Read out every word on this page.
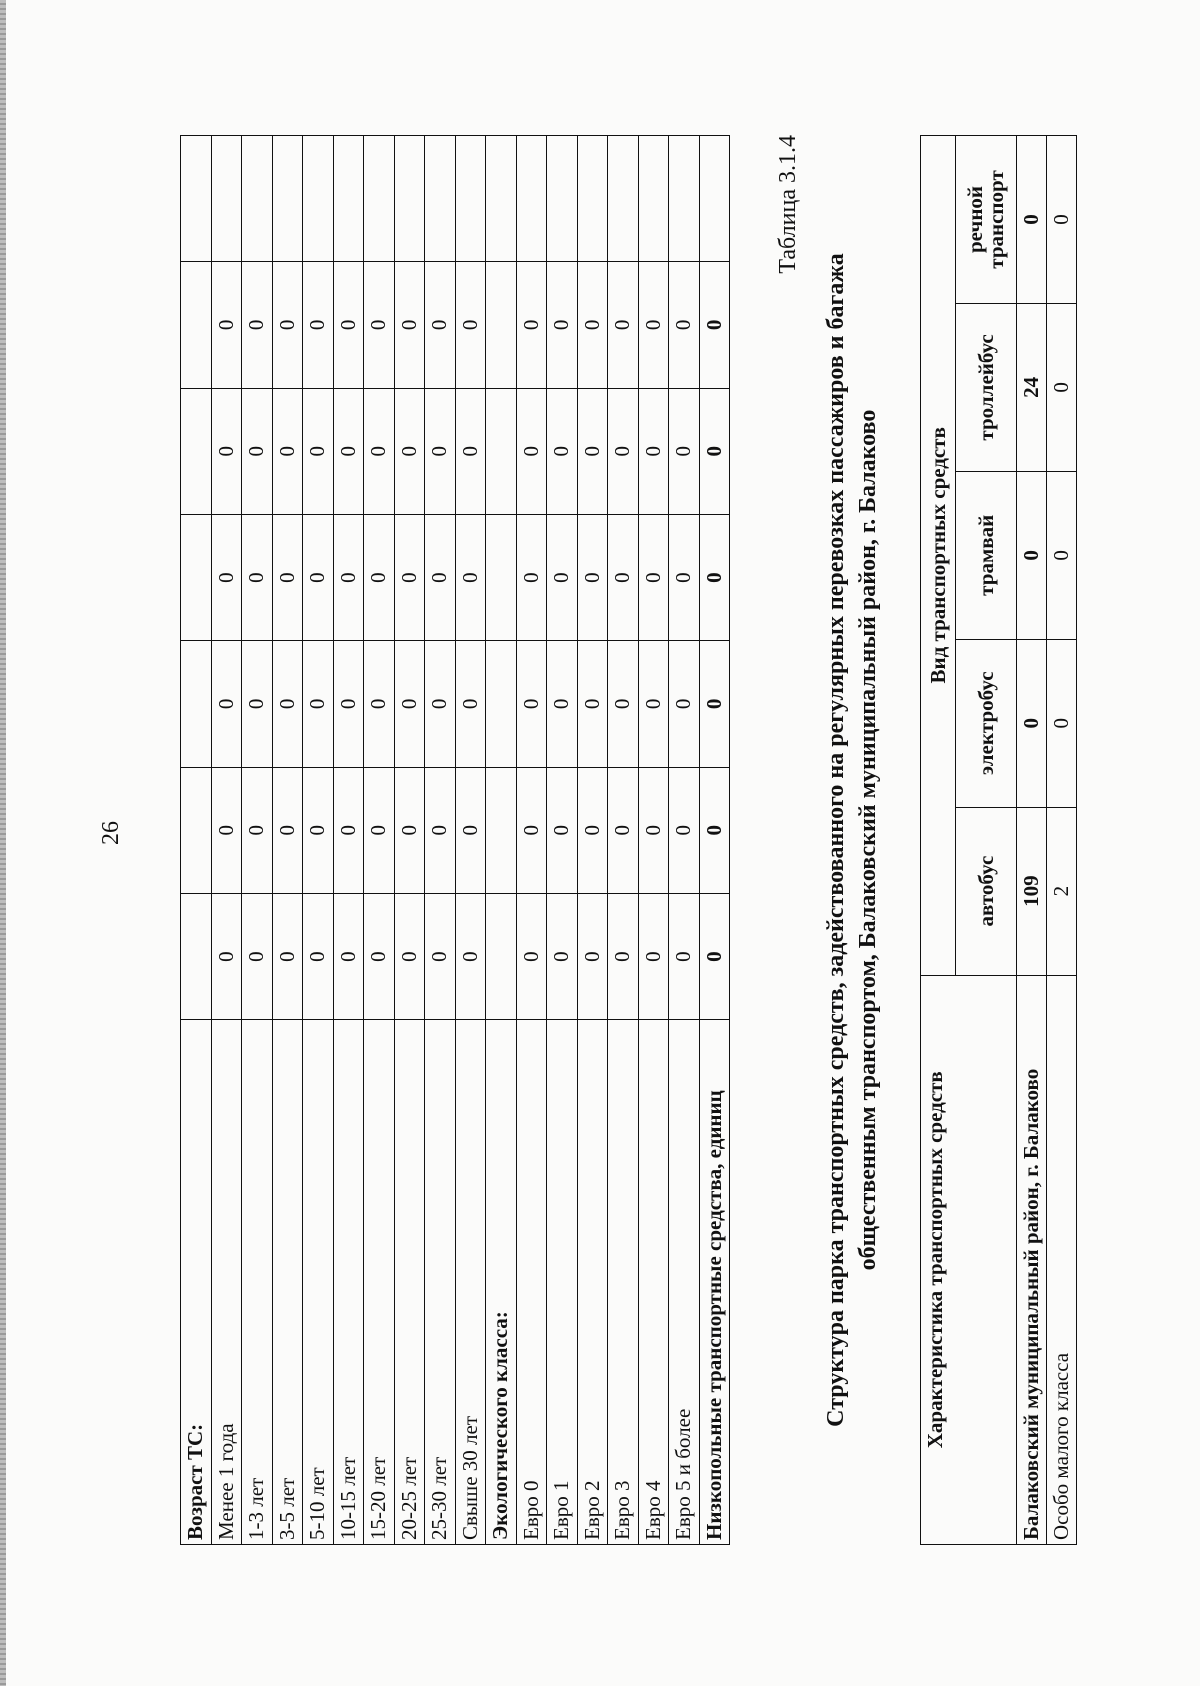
26
Возраст ТС:							
Менее 1 года	0	0	0	0	0	0	
1-3 лет	0	0	0	0	0	0	
3-5 лет	0	0	0	0	0	0	
5-10 лет	0	0	0	0	0	0	
10-15 лет	0	0	0	0	0	0	
15-20 лет	0	0	0	0	0	0	
20-25 лет	0	0	0	0	0	0	
25-30 лет	0	0	0	0	0	0	
Свыше 30 лет	0	0	0	0	0	0	
Экологического класса:							
Евро 0	0	0	0	0	0	0	
Евро 1	0	0	0	0	0	0	
Евро 2	0	0	0	0	0	0	
Евро 3	0	0	0	0	0	0	
Евро 4	0	0	0	0	0	0	
Евро 5 и более	0	0	0	0	0	0	
Низкопольные транспортные средства, единиц	0	0	0	0	0	0	
Таблица 3.1.4
Структура парка транспортных средств, задействованного на регулярных перевозках пассажиров и багажа общественным транспортом, Балаковский муниципальный район, г. Балаково Характеристика транспортных средств	Вид транспортных средств				
	автобус	электробус	трамвай	троллейбус	речной транспорт
Балаковский муниципальный район, г. Балаково	109	0	0	24	0
Особо малого класса	2	0	0	0	0
